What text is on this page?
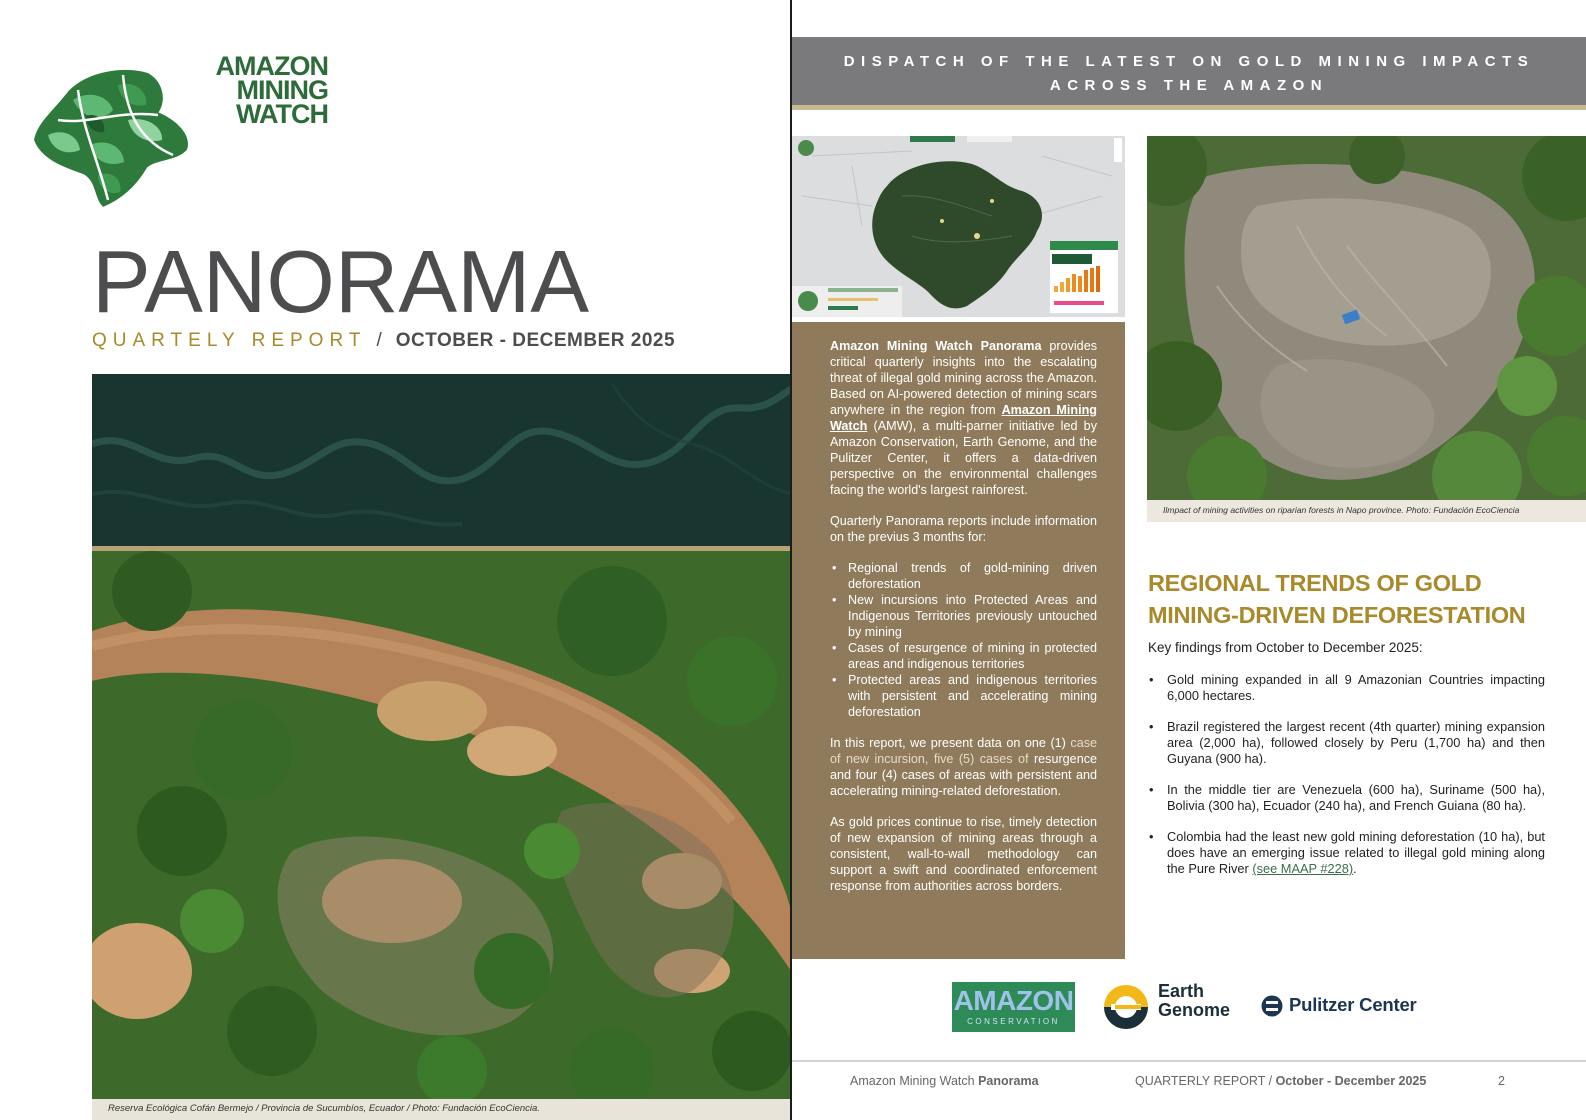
AMAZON
MINING
WATCH
PANORAMA
QUARTELY REPORT / OCTOBER - DECEMBER 2025
Reserva Ecológica Cofán Bermejo / Provincia de Sucumbíos, Ecuador / Photo: Fundación EcoCiencia.
DISPATCH OF THE LATEST ON GOLD MINING IMPACTS
ACROSS THE AMAZON

Amazon Mining Watch Panorama provides critical quarterly insights into the escalating threat of illegal gold mining across the Amazon. Based on AI-powered detection of mining scars anywhere in the region from Amazon Mining Watch (AMW), a multi-parner initiative led by Amazon Conservation, Earth Genome, and the Pulitzer Center, it offers a data-driven perspective on the environmental challenges facing the world's largest rainforest.

Quarterly Panorama reports include information on the previus 3 months for:

• Regional trends of gold-mining driven deforestation
• New incursions into Protected Areas and Indigenous Territories previously untouched by mining
• Cases of resurgence of mining in protected areas and indigenous territories
• Protected areas and indigenous territories with persistent and accelerating mining deforestation

In this report, we present data on one (1) case of new incursion, five (5) cases of resurgence and four (4) cases of areas with persistent and accelerating mining-related deforestation.

As gold prices continue to rise, timely detection of new expansion of mining areas through a consistent, wall-to-wall methodology can support a swift and coordinated enforcement response from authorities across borders.

Ilmpact of mining activities on riparian forests in Napo province. Photo: Fundación EcoCiencia
REGIONAL TRENDS OF GOLD
MINING-DRIVEN DEFORESTATION
Key findings from October to December 2025:
• Gold mining expanded in all 9 Amazonian Countries impacting 6,000 hectares.
• Brazil registered the largest recent (4th quarter) mining expansion area (2,000 ha), followed closely by Peru (1,700 ha) and then Guyana (900 ha).
• In the middle tier are Venezuela (600 ha), Suriname (500 ha), Bolivia (300 ha), Ecuador (240 ha), and French Guiana (80 ha).
• Colombia had the least new gold mining deforestation (10 ha), but does have an emerging issue related to illegal gold mining along the Pure River (see MAAP #228).
AMAZON
CONSERVATION
Earth
Genome	Pulitzer Center
Amazon Mining Watch Panorama	QUARTERLY REPORT / October - December 2025	2
